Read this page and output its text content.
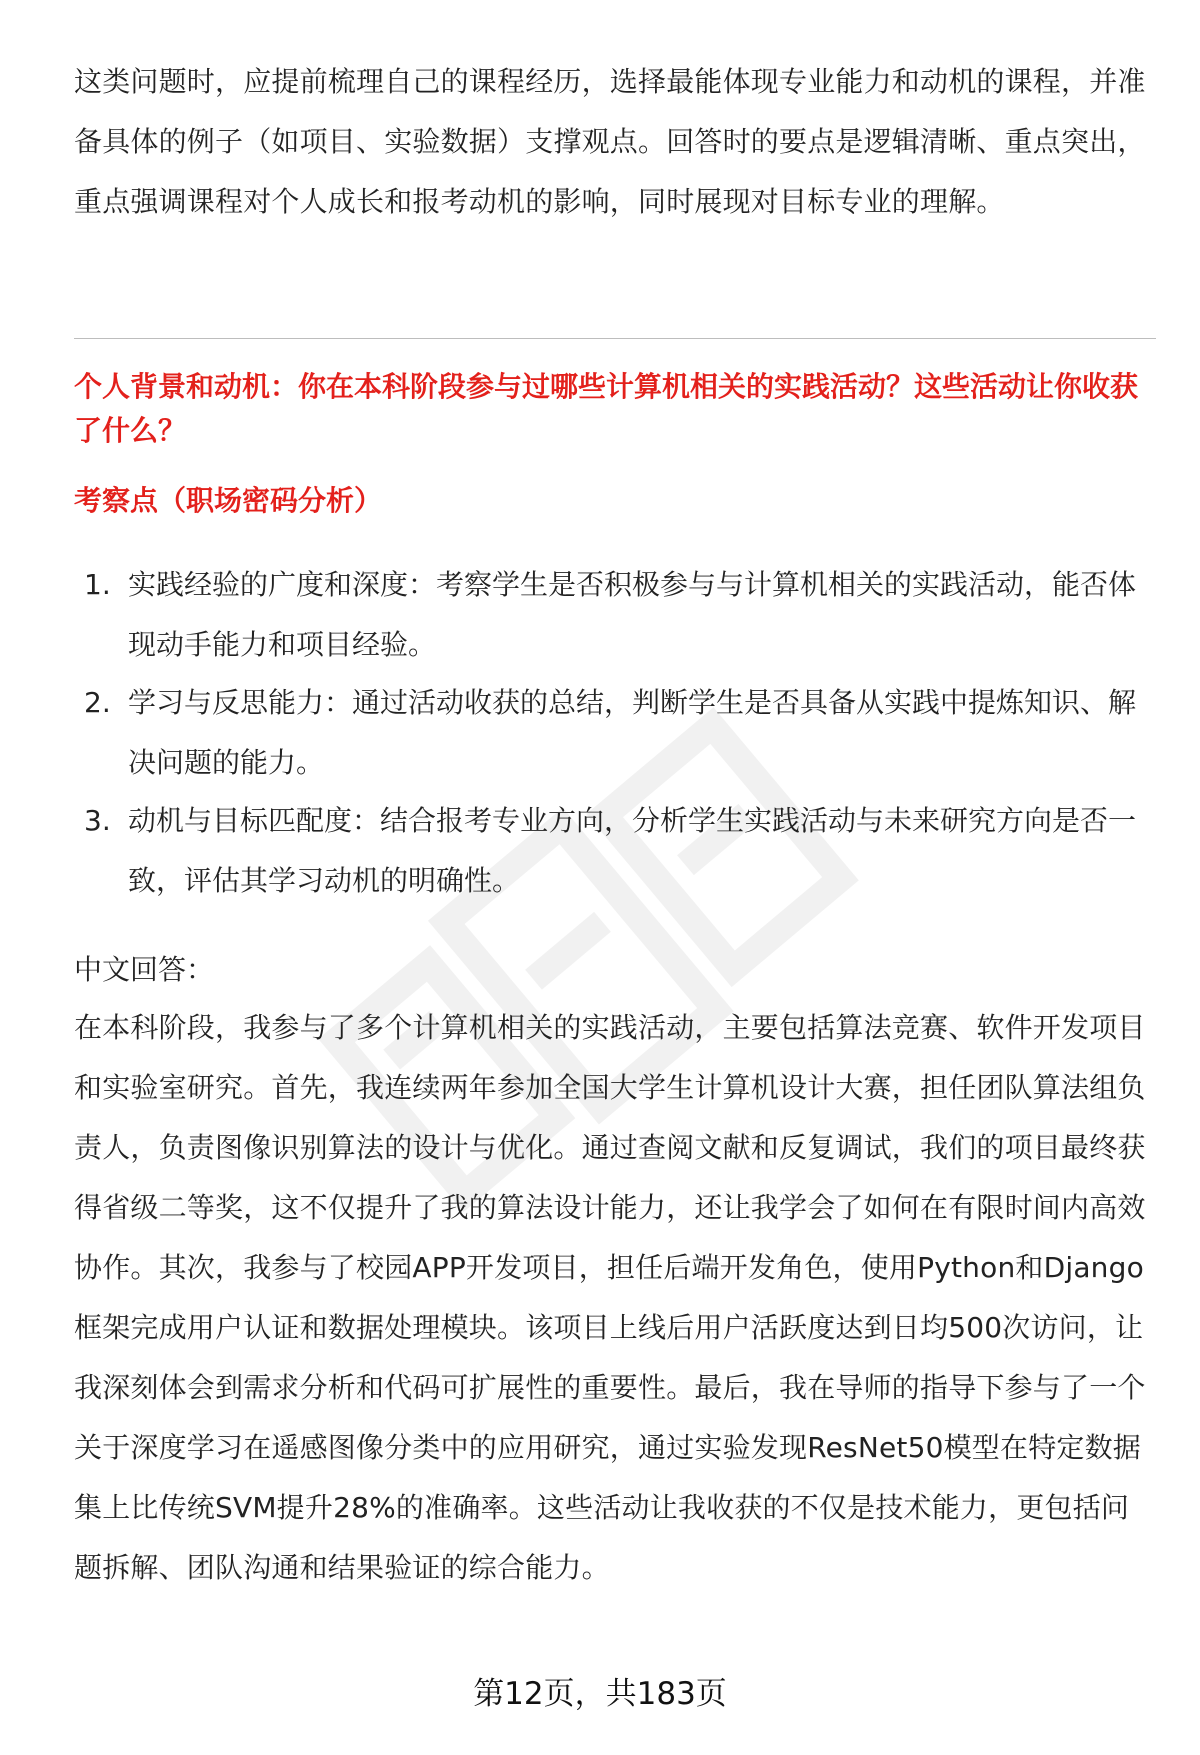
这类问题时，应提前梳理自己的课程经历，选择最能体现专业能力和动机的课程，并准备具体的例子（如项目、实验数据）支撑观点。回答时的要点是逻辑清晰、重点突出，重点强调课程对个人成长和报考动机的影响，同时展现对目标专业的理解。

个人背景和动机：你在本科阶段参与过哪些计算机相关的实践活动？这些活动让你收获了什么？
考察点（职场密码分析）
1. 实践经验的广度和深度：考察学生是否积极参与与计算机相关的实践活动，能否体现动手能力和项目经验。
2. 学习与反思能力：通过活动收获的总结，判断学生是否具备从实践中提炼知识、解决问题的能力。
3. 动机与目标匹配度：结合报考专业方向，分析学生实践活动与未来研究方向是否一致，评估其学习动机的明确性。

中文回答：

在本科阶段，我参与了多个计算机相关的实践活动，主要包括算法竞赛、软件开发项目和实验室研究。首先，我连续两年参加全国大学生计算机设计大赛，担任团队算法组负责人，负责图像识别算法的设计与优化。通过查阅文献和反复调试，我们的项目最终获得省级二等奖，这不仅提升了我的算法设计能力，还让我学会了如何在有限时间内高效协作。其次，我参与了校园APP开发项目，担任后端开发角色，使用Python和Django框架完成用户认证和数据处理模块。该项目上线后用户活跃度达到日均500次访问，让我深刻体会到需求分析和代码可扩展性的重要性。最后，我在导师的指导下参与了一个关于深度学习在遥感图像分类中的应用研究，通过实验发现ResNet50模型在特定数据集上比传统SVM提升28%的准确率。这些活动让我收获的不仅是技术能力，更包括问题拆解、团队沟通和结果验证的综合能力。

第12页，共183页
